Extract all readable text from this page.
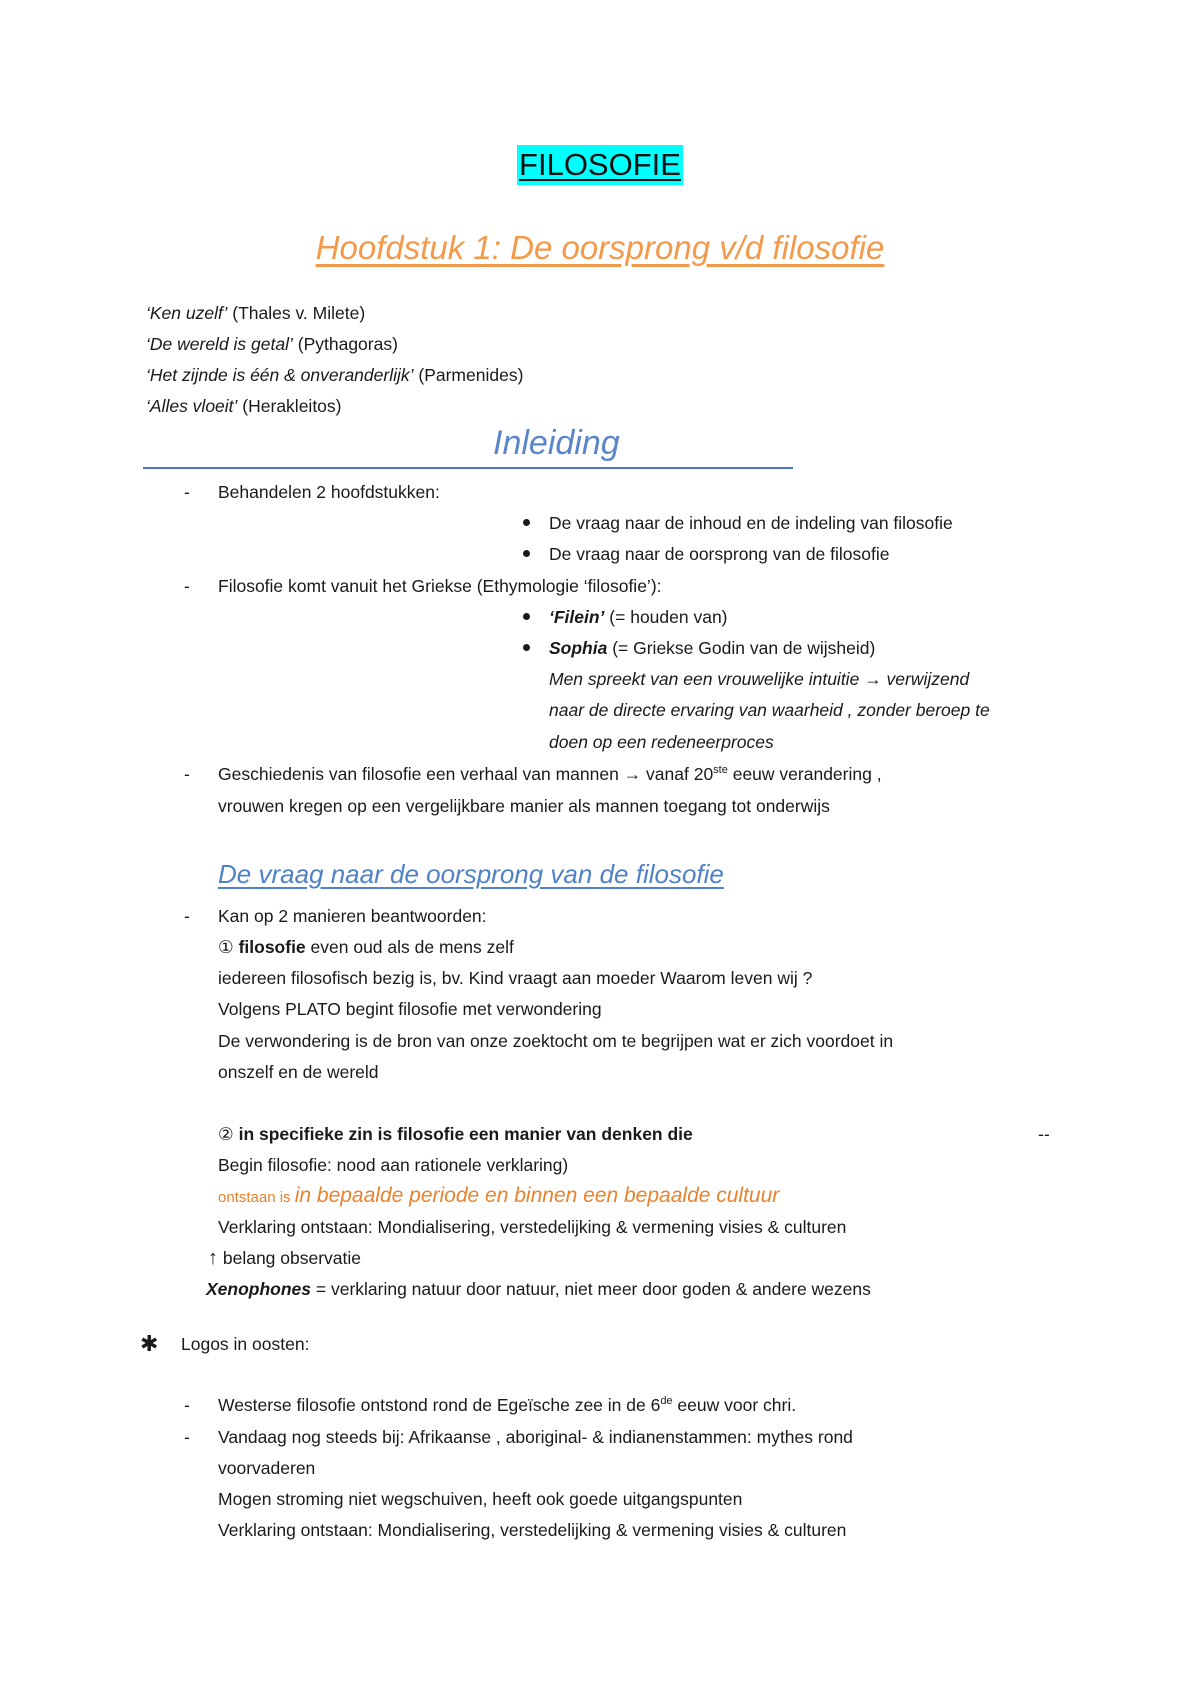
FILOSOFIE
Hoofdstuk 1: De oorsprong v/d filosofie
‘Ken uzelf’ (Thales v. Milete)
‘De wereld is getal’ (Pythagoras)
‘Het zijnde is één & onveranderlijk’ (Parmenides)
‘Alles vloeit’ (Herakleitos)
Inleiding
- Behandelen 2 hoofdstukken:
De vraag naar de inhoud en de indeling van filosofie
De vraag naar de oorsprong van de filosofie
- Filosofie komt vanuit het Griekse (Ethymologie ‘filosofie’):
‘Filein’ (= houden van)
Sophia (= Griekse Godin van de wijsheid)
Men spreekt van een vrouwelijke intuitie → verwijzend
naar de directe ervaring van waarheid , zonder beroep te
doen op een redeneerproces
- Geschiedenis van filosofie een verhaal van mannen → vanaf 20ste eeuw verandering ,
vrouwen kregen op een vergelijkbare manier als mannen toegang tot onderwijs
De vraag naar de oorsprong van de filosofie
- Kan op 2 manieren beantwoorden:
① filosofie even oud als de mens zelf
iedereen filosofisch bezig is, bv. Kind vraagt aan moeder Waarom leven wij ?
Volgens PLATO begint filosofie met verwondering
De verwondering is de bron van onze zoektocht om te begrijpen wat er zich voordoet in
onszelf en de wereld
② in specifieke zin is filosofie een manier van denken die	--
Begin filosofie: nood aan rationele verklaring)
ontstaan is in bepaalde periode en binnen een bepaalde cultuur
Verklaring ontstaan: Mondialisering, verstedelijking & vermening visies & culturen
↑ belang observatie
Xenophones = verklaring natuur door natuur, niet meer door goden & andere wezens
✱ Logos in oosten:
- Westerse filosofie ontstond rond de Egeïsche zee in de 6de eeuw voor chri.
- Vandaag nog steeds bij: Afrikaanse , aboriginal- & indianenstammen: mythes rond
voorvaderen
Mogen stroming niet wegschuiven, heeft ook goede uitgangspunten
Verklaring ontstaan: Mondialisering, verstedelijking & vermening visies & culturen
